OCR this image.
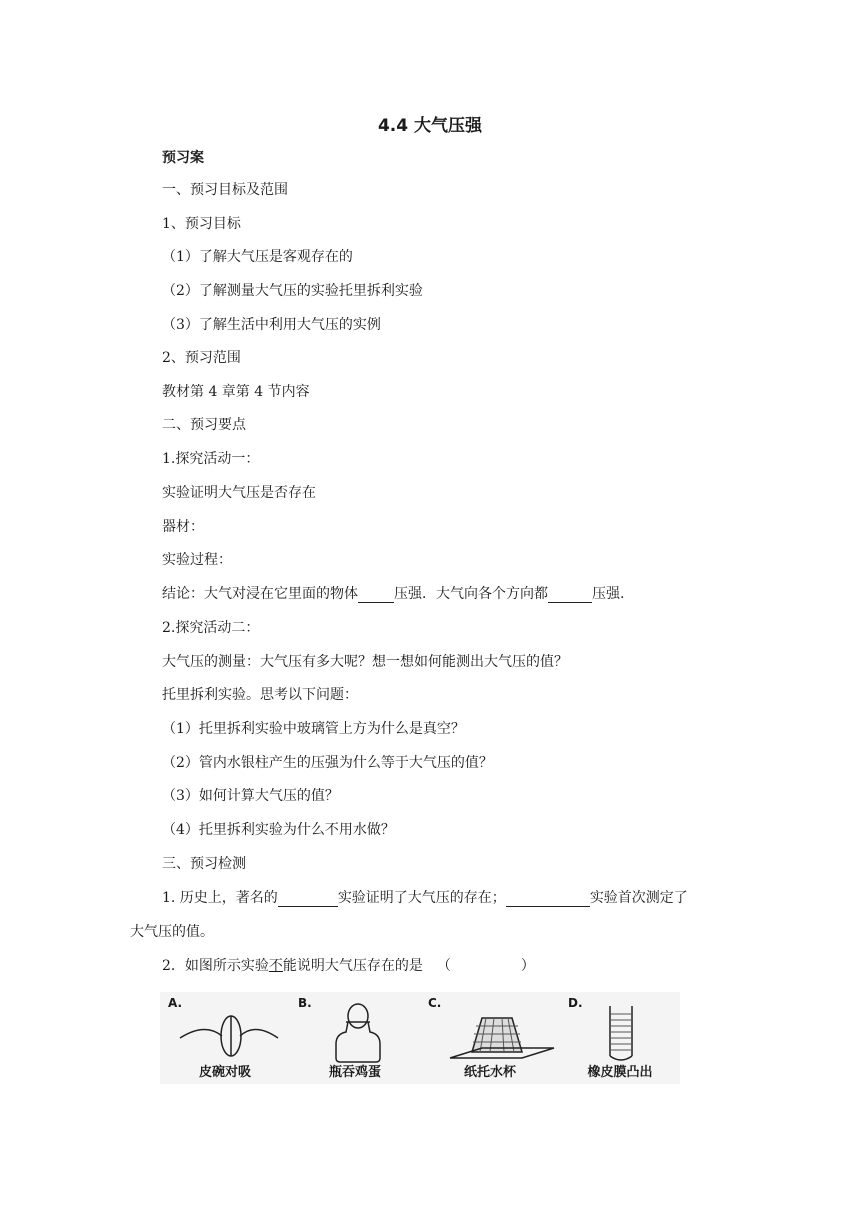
4.4 大气压强
预习案
一、预习目标及范围
1、预习目标
（1）了解大气压是客观存在的
（2）了解测量大气压的实验托里拆利实验
（3）了解生活中利用大气压的实例
2、预习范围
教材第 4 章第 4 节内容
二、预习要点
1.探究活动一：
实验证明大气压是否存在
器材：
实验过程：
结论：大气对浸在它里面的物体	压强．大气向各个方向都	压强.
2.探究活动二：
大气压的测量：大气压有多大呢？想一想如何能测出大气压的值？
托里拆利实验。思考以下问题：
（1）托里拆利实验中玻璃管上方为什么是真空？
（2）管内水银柱产生的压强为什么等于大气压的值？
（3）如何计算大气压的值？
（4）托里拆利实验为什么不用水做？
三、预习检测
1. 历史上，著名的	实验证明了大气压的存在；	实验首次测定了
大气压的值。
2．如图所示实验不能说明大气压存在的是 （	）
A.
皮碗对吸
B.
瓶吞鸡蛋
C.
纸托水杯
D.
橡皮膜凸出
